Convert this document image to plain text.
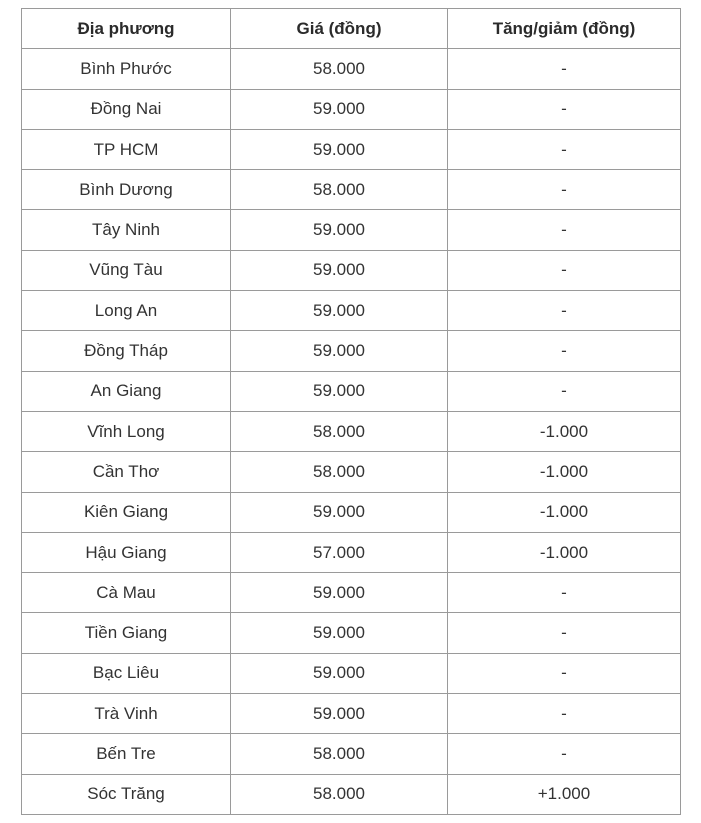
Địa phương	Giá (đồng)	Tăng/giảm (đồng)
Bình Phước	58.000	-
Đồng Nai	59.000	-
TP HCM	59.000	-
Bình Dương	58.000	-
Tây Ninh	59.000	-
Vũng Tàu	59.000	-
Long An	59.000	-
Đồng Tháp	59.000	-
An Giang	59.000	-
Vĩnh Long	58.000	-1.000
Cần Thơ	58.000	-1.000
Kiên Giang	59.000	-1.000
Hậu Giang	57.000	-1.000
Cà Mau	59.000	-
Tiền Giang	59.000	-
Bạc Liêu	59.000	-
Trà Vinh	59.000	-
Bến Tre	58.000	-
Sóc Trăng	58.000	+1.000
